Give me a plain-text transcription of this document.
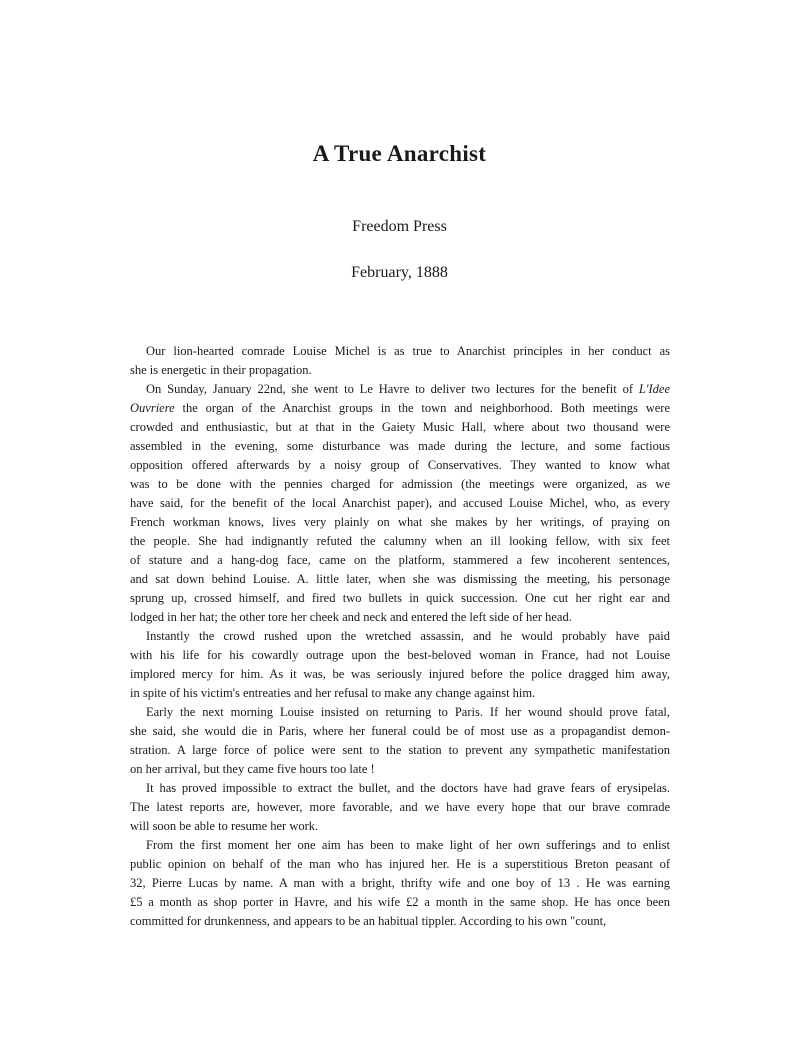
A True Anarchist
Freedom Press
February, 1888
Our lion-hearted comrade Louise Michel is as true to Anarchist principles in her conduct as
she is energetic in their propagation.
On Sunday, January 22nd, she went to Le Havre to deliver two lectures for the benefit of L'Idee
Ouvriere the organ of the Anarchist groups in the town and neighborhood. Both meetings were
crowded and enthusiastic, but at that in the Gaiety Music Hall, where about two thousand were
assembled in the evening, some disturbance was made during the lecture, and some factious
opposition offered afterwards by a noisy group of Conservatives. They wanted to know what
was to be done with the pennies charged for admission (the meetings were organized, as we
have said, for the benefit of the local Anarchist paper), and accused Louise Michel, who, as every
French workman knows, lives very plainly on what she makes by her writings, of praying on
the people. She had indignantly refuted the calumny when an ill looking fellow, with six feet
of stature and a hang-dog face, came on the platform, stammered a few incoherent sentences,
and sat down behind Louise. A. little later, when she was dismissing the meeting, his personage
sprung up, crossed himself, and fired two bullets in quick succession. One cut her right ear and
lodged in her hat; the other tore her cheek and neck and entered the left side of her head.
Instantly the crowd rushed upon the wretched assassin, and he would probably have paid
with his life for his cowardly outrage upon the best-beloved woman in France, had not Louise
implored mercy for him. As it was, be was seriously injured before the police dragged him away,
in spite of his victim's entreaties and her refusal to make any change against him.
Early the next morning Louise insisted on returning to Paris. If her wound should prove fatal,
she said, she would die in Paris, where her funeral could be of most use as a propagandist demon-
stration. A large force of police were sent to the station to prevent any sympathetic manifestation
on her arrival, but they came five hours too late !
It has proved impossible to extract the bullet, and the doctors have had grave fears of erysipelas.
The latest reports are, however, more favorable, and we have every hope that our brave comrade
will soon be able to resume her work.
From the first moment her one aim has been to make light of her own sufferings and to enlist
public opinion on behalf of the man who has injured her. He is a superstitious Breton peasant of
32, Pierre Lucas by name. A man with a bright, thrifty wife and one boy of 13 . He was earning
£5 a month as shop porter in Havre, and his wife £2 a month in the same shop. He has once been
committed for drunkenness, and appears to be an habitual tippler. According to his own "count,
